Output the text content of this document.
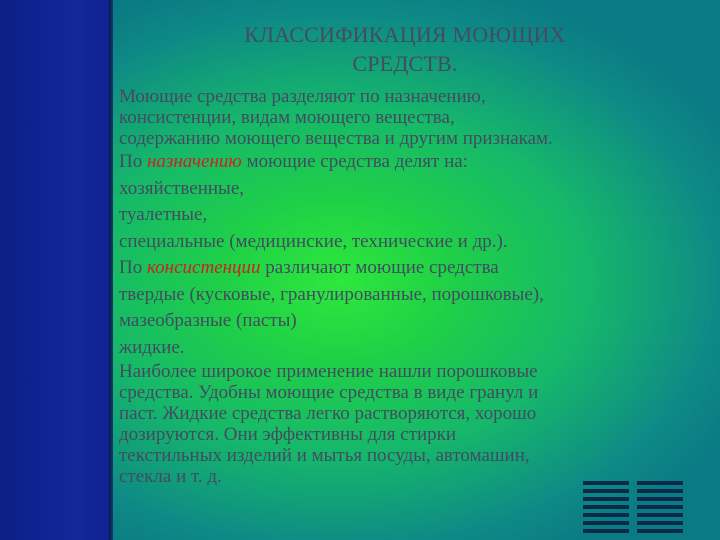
КЛАССИФИКАЦИЯ МОЮЩИХ
СРЕДСТВ.
Моющие средства разделяют по назначению,
консистенции, видам моющего вещества,
содержанию моющего вещества и другим признакам.
По назначению моющие средства делят на:
хозяйственные,
туалетные,
специальные (медицинские, технические и др.).
По консистенции различают моющие средства
твердые (кусковые, гранулированные, порошковые),
мазеобразные (пасты)
жидкие.
Наиболее широкое применение нашли порошковые
средства. Удобны моющие средства в виде гранул и
паст. Жидкие средства легко растворяются, хорошо
дозируются. Они эффективны для стирки
текстильных изделий и мытья посуды, автомашин,
стекла и т. д.
